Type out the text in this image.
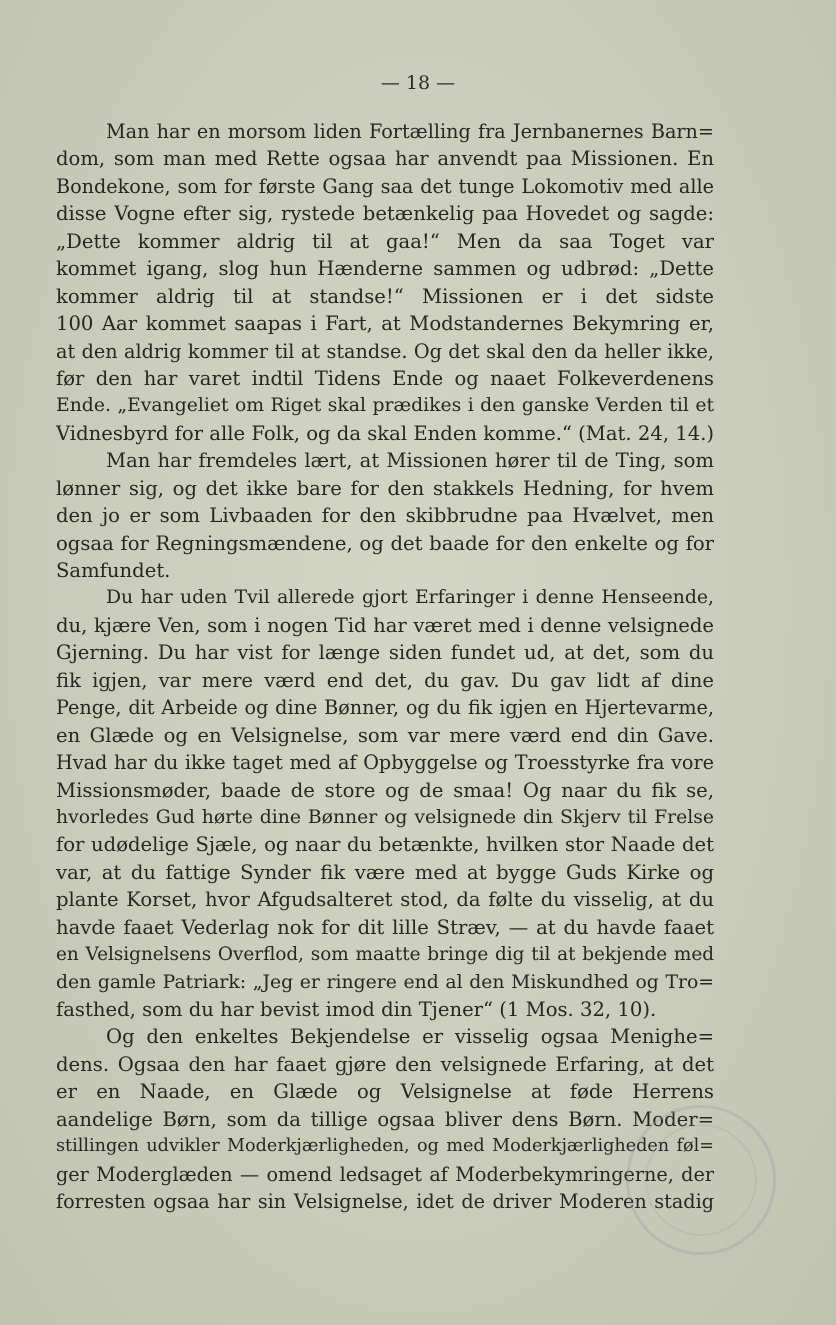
— 18 —
Man har en morsom liden Fortælling fra Jernbanernes Barn=
dom, som man med Rette ogsaa har anvendt paa Missionen. En
Bondekone, som for første Gang saa det tunge Lokomotiv med alle
disse Vogne efter sig, rystede betænkelig paa Hovedet og sagde:
„Dette kommer aldrig til at gaa!“ Men da saa Toget var
kommet igang, slog hun Hænderne sammen og udbrød: „Dette
kommer aldrig til at standse!“ Missionen er i det sidste
100 Aar kommet saapas i Fart, at Modstandernes Bekymring er,
at den aldrig kommer til at standse. Og det skal den da heller ikke,
før den har varet indtil Tidens Ende og naaet Folkeverdenens
Ende. „Evangeliet om Riget skal prædikes i den ganske Verden til et
Vidnesbyrd for alle Folk, og da skal Enden komme.“ (Mat. 24, 14.)
Man har fremdeles lært, at Missionen hører til de Ting, som
lønner sig, og det ikke bare for den stakkels Hedning, for hvem
den jo er som Livbaaden for den skibbrudne paa Hvælvet, men
ogsaa for Regningsmændene, og det baade for den enkelte og for
Samfundet.
Du har uden Tvil allerede gjort Erfaringer i denne Henseende,
du, kjære Ven, som i nogen Tid har været med i denne velsignede
Gjerning. Du har vist for længe siden fundet ud, at det, som du
fik igjen, var mere værd end det, du gav. Du gav lidt af dine
Penge, dit Arbeide og dine Bønner, og du fik igjen en Hjertevarme,
en Glæde og en Velsignelse, som var mere værd end din Gave.
Hvad har du ikke taget med af Opbyggelse og Troesstyrke fra vore
Missionsmøder, baade de store og de smaa! Og naar du fik se,
hvorledes Gud hørte dine Bønner og velsignede din Skjerv til Frelse
for udødelige Sjæle, og naar du betænkte, hvilken stor Naade det
var, at du fattige Synder fik være med at bygge Guds Kirke og
plante Korset, hvor Afgudsalteret stod, da følte du visselig, at du
havde faaet Vederlag nok for dit lille Stræv, — at du havde faaet
en Velsignelsens Overflod, som maatte bringe dig til at bekjende med
den gamle Patriark: „Jeg er ringere end al den Miskundhed og Tro=
fasthed, som du har bevist imod din Tjener“ (1 Mos. 32, 10).
Og den enkeltes Bekjendelse er visselig ogsaa Menighe=
dens. Ogsaa den har faaet gjøre den velsignede Erfaring, at det
er en Naade, en Glæde og Velsignelse at føde Herrens
aandelige Børn, som da tillige ogsaa bliver dens Børn. Moder=
stillingen udvikler Moderkjærligheden, og med Moderkjærligheden føl=
ger Moderglæden — omend ledsaget af Moderbekymringerne, der
forresten ogsaa har sin Velsignelse, idet de driver Moderen stadig
